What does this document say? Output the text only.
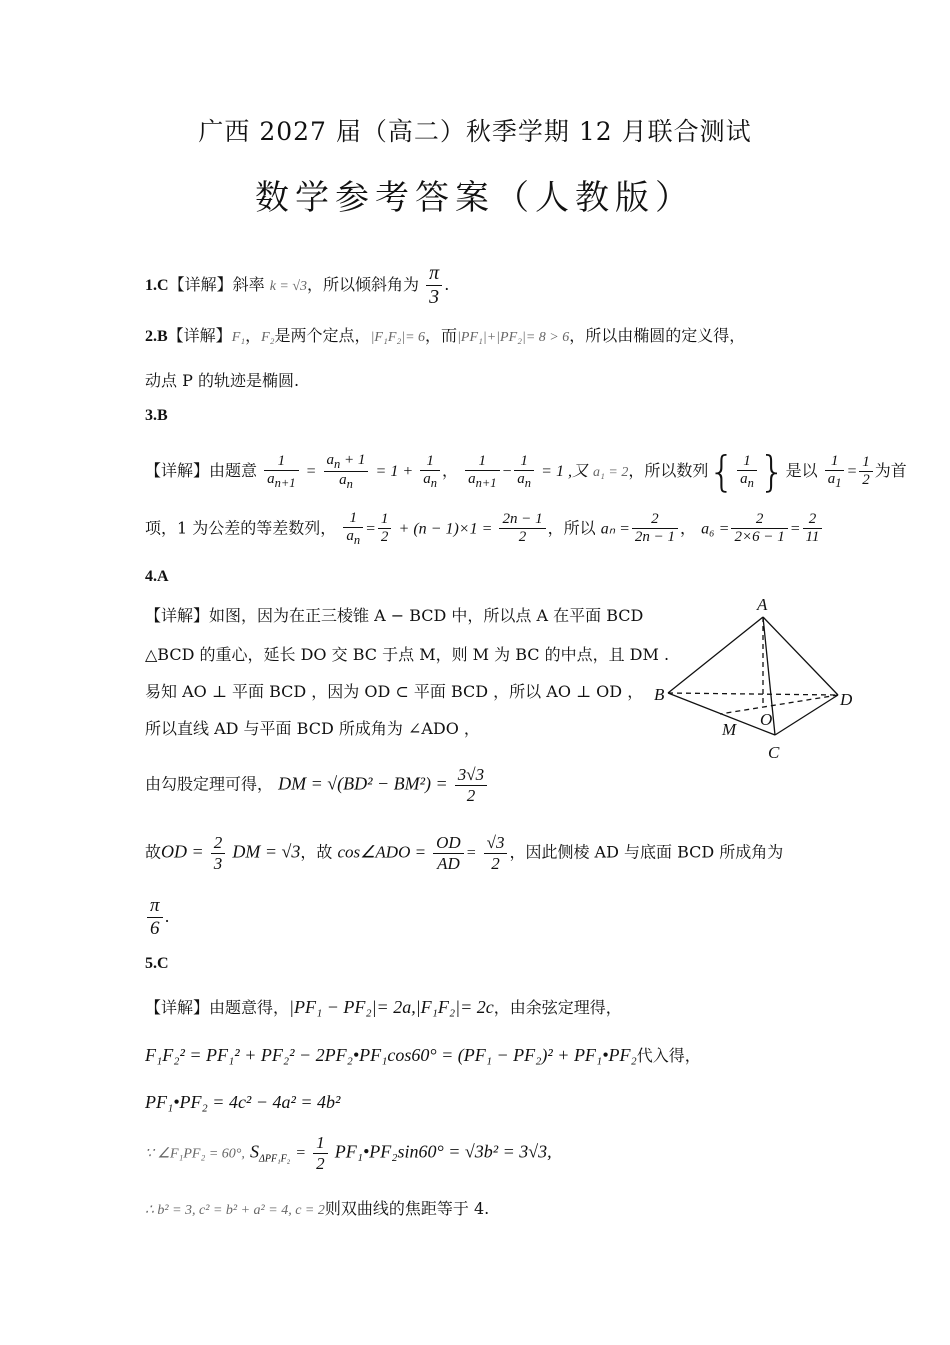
广西 2027 届（高二）秋季学期 12 月联合测试
数学参考答案（人教版）
1.C【详解】斜率 k = √3，所以倾斜角为 $\frac{\pi}{3}$ .
2.B【详解】F₁，F₂是两个定点，|F₁F₂|= 6，而|PF₁|+|PF₂|= 8 > 6，所以由椭圆的定义得，
动点 P 的轨迹是椭圆.
3.B
【详解】由题意 $\frac{1}{a_{n+1}} = \frac{a_n + 1}{a_n} = 1 + \frac{1}{a_n}$ ， $\frac{1}{a_{n+1}} - \frac{1}{a_n} = 1$ ,又 a₁ = 2，所以数列{ $\frac{1}{a_n}$ }是以 $\frac{1}{a_1} = \frac{1}{2}$ 为首
项，1 为公差的等差数列， $\frac{1}{a_n} = \frac{1}{2} + (n - 1)\times 1 = \frac{2n - 1}{2}$ ，所以 $a_n = \frac{2}{2n - 1}$ ， $a_6 = \frac{2}{2\times 6 - 1} = \frac{2}{11}$
4.A
【详解】如图，因为在正三棱锥 A − BCD 中，所以点 A 在平面 BCD
△BCD 的重心，延长 DO 交 BC 于点 M，则 M 为 BC 的中点，且 DM .
易知 AO ⊥ 平面 BCD ，因为 OD ⊂ 平面 BCD ，所以 AO ⊥ OD ，
所以直线 AD 与平面 BCD 所成角为 ∠ADO ，
由勾股定理可得， DM = $√(BD^2 - BM^2) = \frac{3√3}{2}$
故OD = $\frac{2}{3}$ DM = √3，故 cos∠ADO = $\frac{OD}{AD} = \frac{√3}{2}$ ，因此侧棱 AD 与底面 BCD 所成角为
$\frac{\pi}{6}$ .
A
B
C
D
M
O
5.C
【详解】由题意得，|PF₁ − PF₂|= 2a,|F₁F₂|= 2c，由余弦定理得，
F₁F₂² = PF₁² + PF₂² − 2PF₂•PF₁cos60° = (PF₁ − PF₂)² + PF₁•PF₂代入得，
PF₁•PF₂ = 4c² − 4a² = 4b²
∵ ∠F₁PF₂ = 60°, $S_{\Delta PF_1F_2} = \frac{1}{2}$ PF₁•PF₂sin60° = √3b² = 3√3,
∴ b² = 3, c² = b² + a² = 4, c = 2则双曲线的焦距等于 4.
